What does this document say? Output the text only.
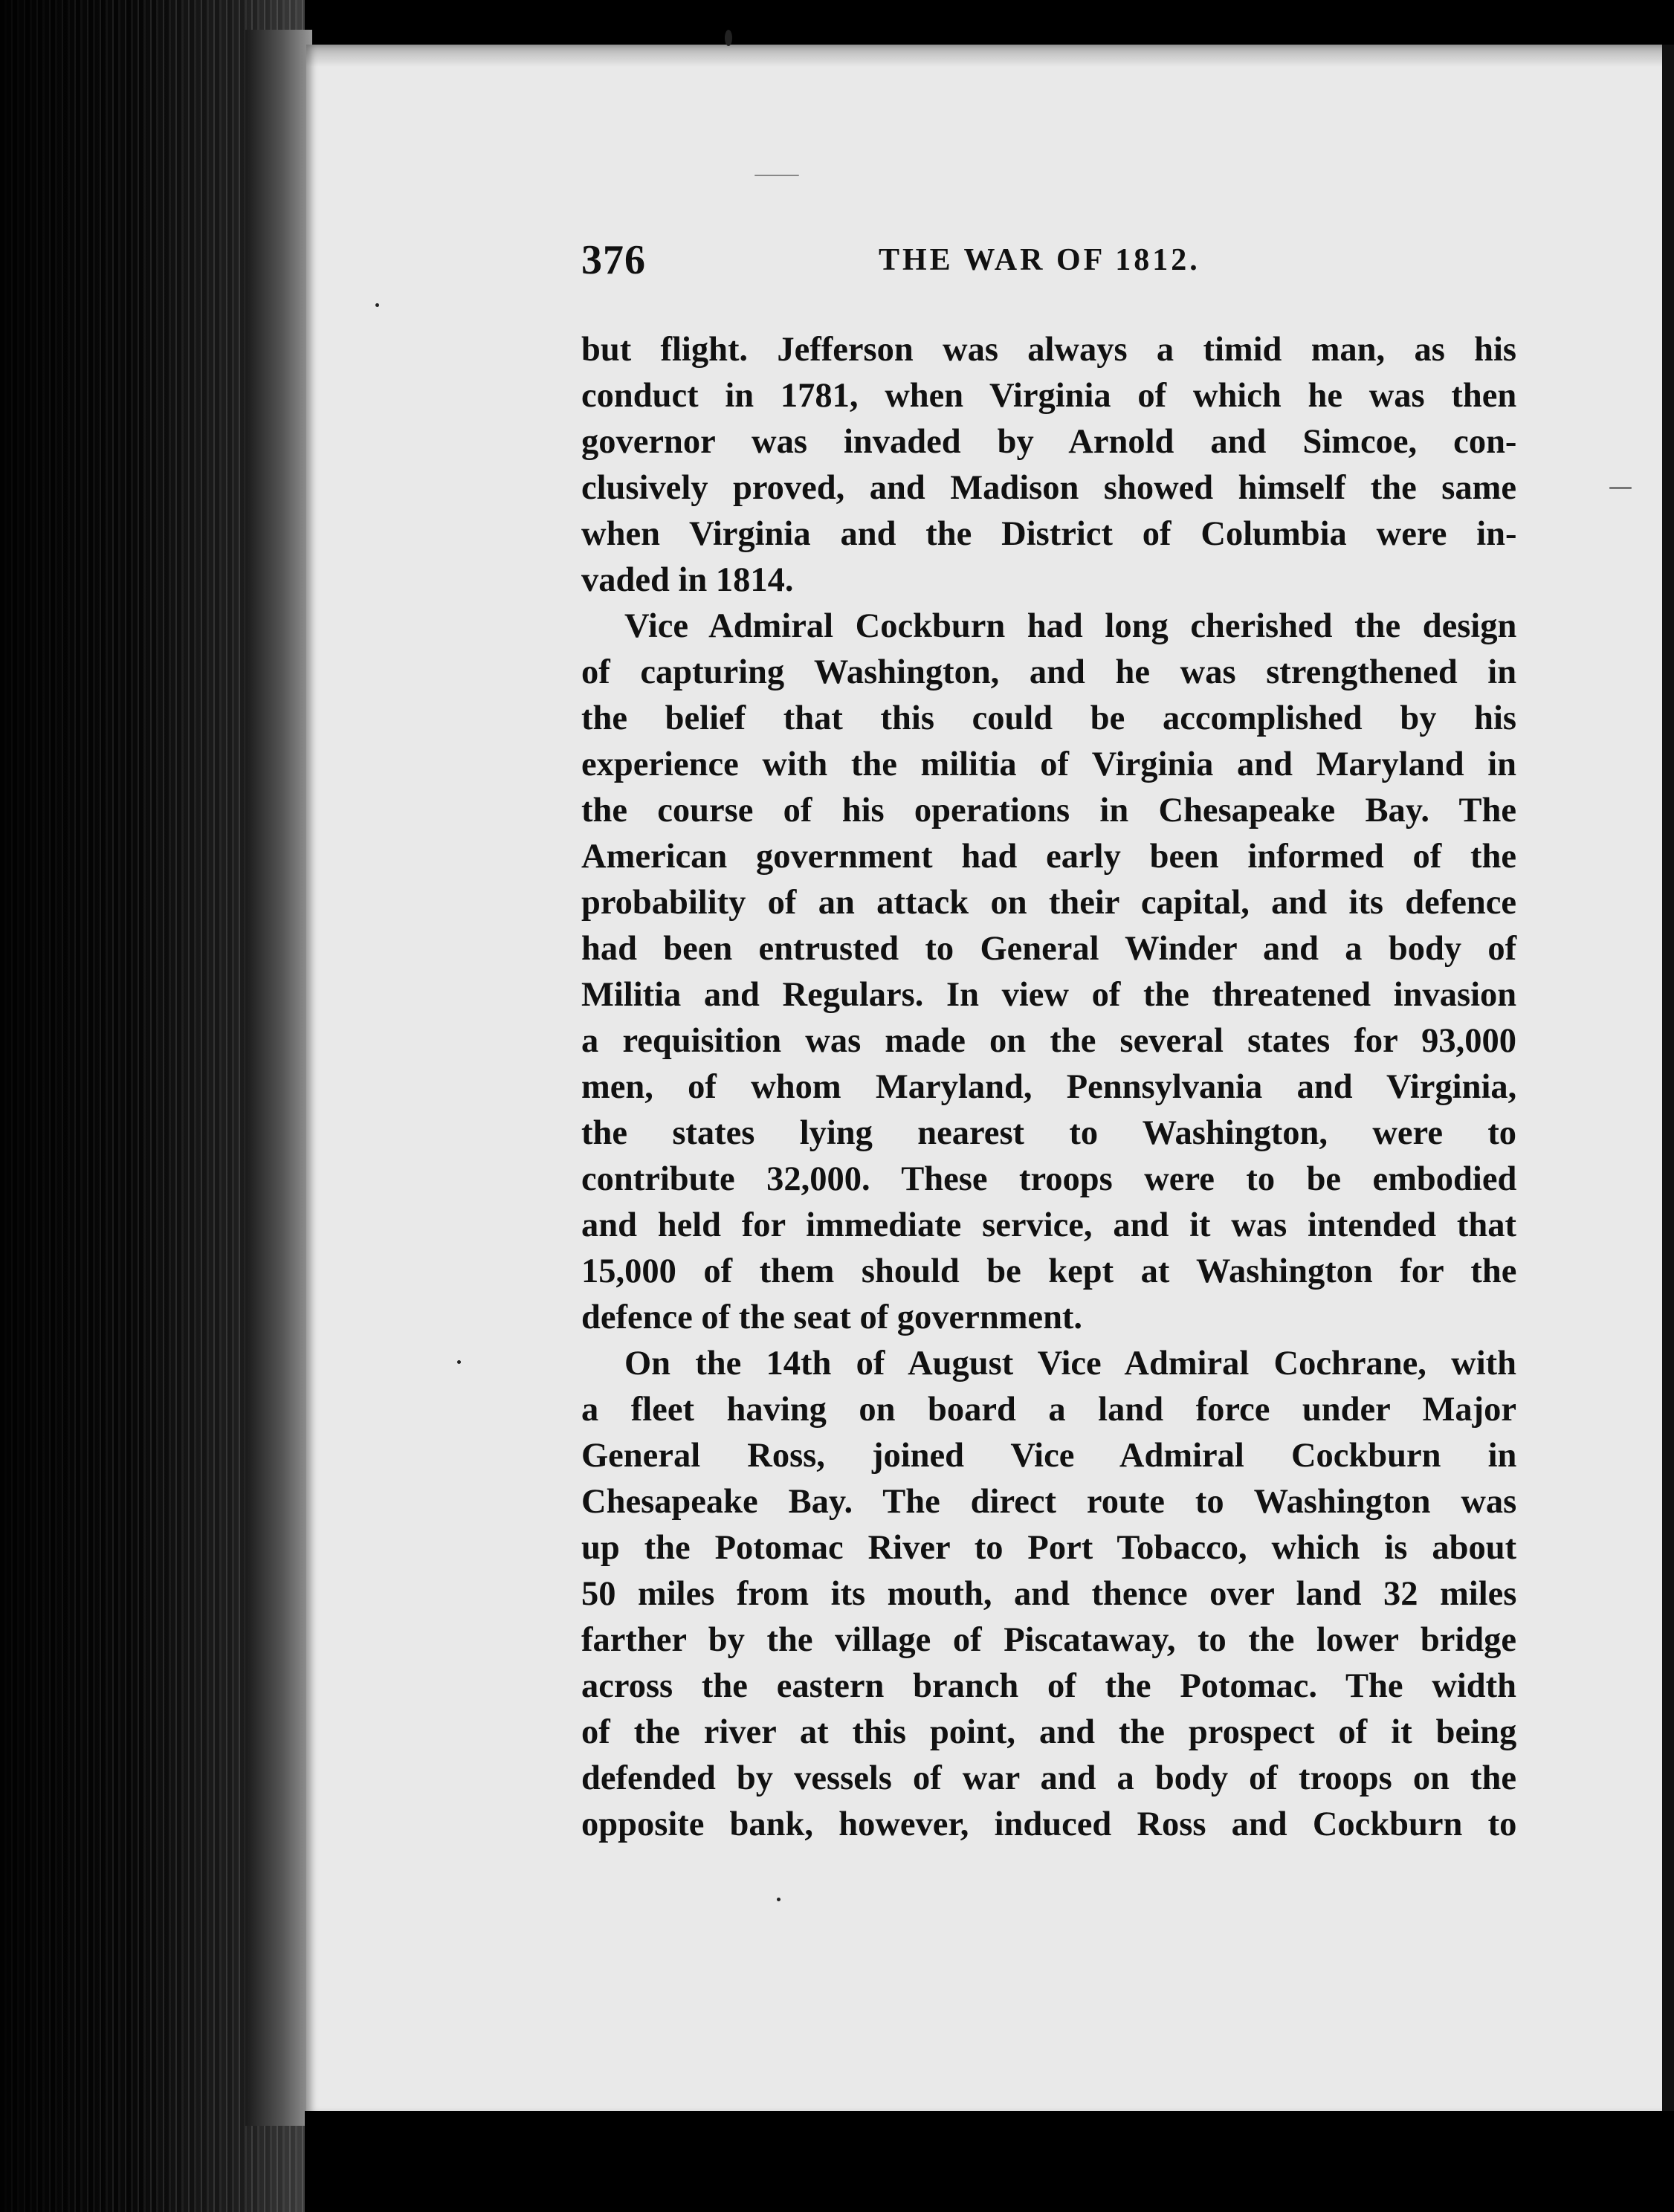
376	THE WAR OF 1812.

but flight. Jefferson was always a timid man, as his
conduct in 1781, when Virginia of which he was then
governor was invaded by Arnold and Simcoe, con-
clusively proved, and Madison showed himself the same
when Virginia and the District of Columbia were in-
vaded in 1814.

Vice Admiral Cockburn had long cherished the design
of capturing Washington, and he was strengthened in
the belief that this could be accomplished by his
experience with the militia of Virginia and Maryland in
the course of his operations in Chesapeake Bay. The
American government had early been informed of the
probability of an attack on their capital, and its defence
had been entrusted to General Winder and a body of
Militia and Regulars. In view of the threatened invasion
a requisition was made on the several states for 93,000
men, of whom Maryland, Pennsylvania and Virginia,
the states lying nearest to Washington, were to
contribute 32,000. These troops were to be embodied
and held for immediate service, and it was intended that
15,000 of them should be kept at Washington for the
defence of the seat of government.

On the 14th of August Vice Admiral Cochrane, with
a fleet having on board a land force under Major
General Ross, joined Vice Admiral Cockburn in
Chesapeake Bay. The direct route to Washington was
up the Potomac River to Port Tobacco, which is about
50 miles from its mouth, and thence over land 32 miles
farther by the village of Piscataway, to the lower bridge
across the eastern branch of the Potomac. The width
of the river at this point, and the prospect of it being
defended by vessels of war and a body of troops on the
opposite bank, however, induced Ross and Cockburn to
